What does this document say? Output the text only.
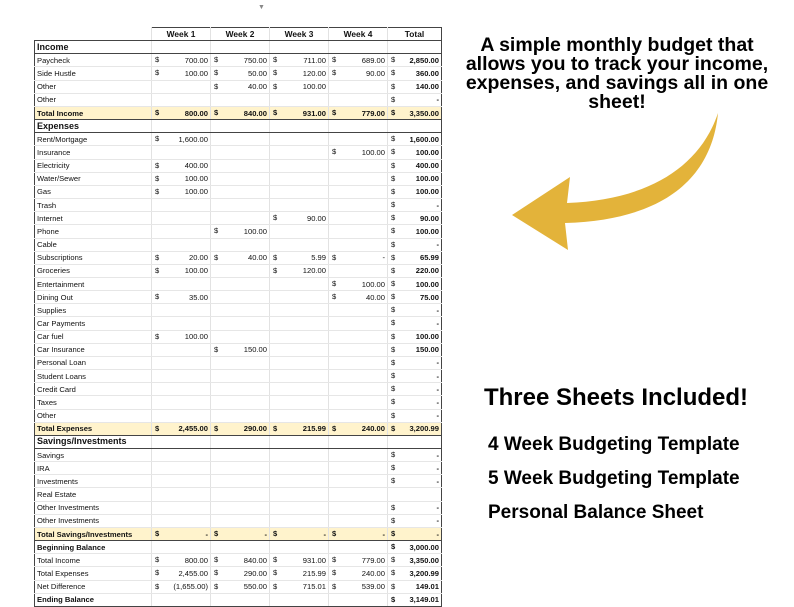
▼
	Week 1	Week 2	Week 3	Week 4	Total
Income					
Paycheck	$ 700.00	$ 750.00	$ 711.00	$ 689.00	$ 2,850.00

Side Hustle	$ 100.00	$ 50.00	$ 120.00	$ 90.00	$ 360.00

Other		$ 40.00	$ 100.00		$ 140.00

Other					$ -

Total Income	$ 800.00	$ 840.00	$ 931.00	$ 779.00	$ 3,350.00

Expenses					
Rent/Mortgage	$ 1,600.00				$ 1,600.00

Insurance				$ 100.00	$ 100.00

Electricity	$ 400.00				$ 400.00

Water/Sewer	$ 100.00				$ 100.00

Gas	$ 100.00				$ 100.00

Trash					$ -

Internet			$ 90.00		$ 90.00

Phone		$ 100.00			$ 100.00

Cable					$ -

Subscriptions	$ 20.00	$ 40.00	$ 5.99	$ -	$ 65.99

Groceries	$ 100.00		$ 120.00		$ 220.00

Entertainment				$ 100.00	$ 100.00

Dining Out	$ 35.00			$ 40.00	$ 75.00

Supplies					$ -

Car Payments					$ -

Car fuel	$ 100.00				$ 100.00

Car Insurance		$ 150.00			$ 150.00

Personal Loan					$ -

Student Loans					$ -

Credit Card					$ -

Taxes					$ -

Other					$ -

Total Expenses	$ 2,455.00	$ 290.00	$ 215.99	$ 240.00	$ 3,200.99

Savings/Investments					
Savings					$ -

IRA					$ -

Investments					$ -

Real Estate					
Other Investments					$ -

Other Investments					$ -

Total Savings/Investments	$ -	$ -	$ -	$ -	$ -

Beginning Balance					$ 3,000.00

Total Income	$ 800.00	$ 840.00	$ 931.00	$ 779.00	$ 3,350.00

Total Expenses	$ 2,455.00	$ 290.00	$ 215.99	$ 240.00	$ 3,200.99

Net Difference	$ (1,655.00)	$ 550.00	$ 715.01	$ 539.00	$ 149.01

Ending Balance					$ 3,149.01
A simple monthly budget that allows you to track your income, expenses, and savings all in one sheet!
Three Sheets Included!
4 Week Budgeting Template
5 Week Budgeting Template
Personal Balance Sheet
